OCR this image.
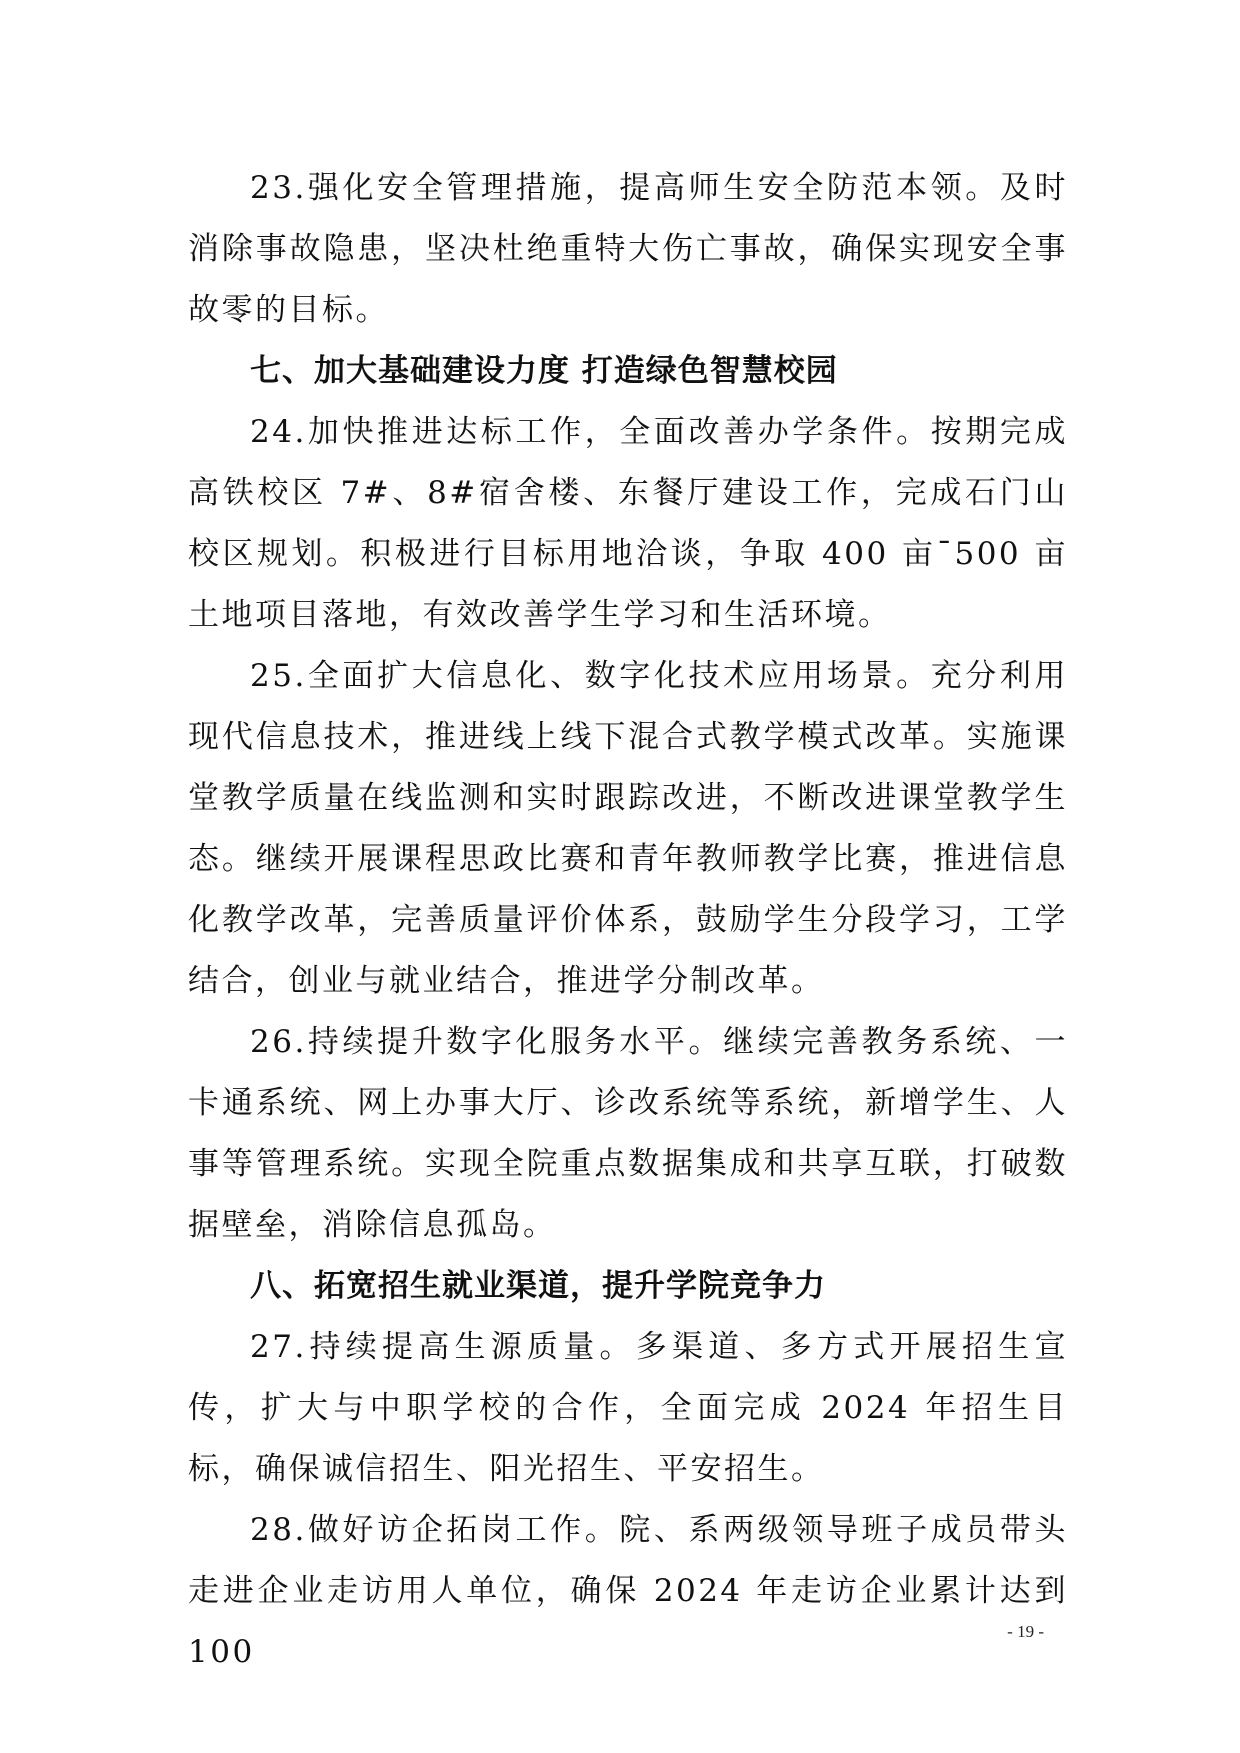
23.强化安全管理措施，提高师生安全防范本领。及时消除事故隐患，坚决杜绝重特大伤亡事故，确保实现安全事故零的目标。

七、加大基础建设力度 打造绿色智慧校园

24.加快推进达标工作，全面改善办学条件。按期完成高铁校区 7#、8#宿舍楼、东餐厅建设工作，完成石门山校区规划。积极进行目标用地洽谈，争取 400 亩¯500 亩土地项目落地，有效改善学生学习和生活环境。

25.全面扩大信息化、数字化技术应用场景。充分利用现代信息技术，推进线上线下混合式教学模式改革。实施课堂教学质量在线监测和实时跟踪改进，不断改进课堂教学生态。继续开展课程思政比赛和青年教师教学比赛，推进信息化教学改革，完善质量评价体系，鼓励学生分段学习，工学结合，创业与就业结合，推进学分制改革。

26.持续提升数字化服务水平。继续完善教务系统、一卡通系统、网上办事大厅、诊改系统等系统，新增学生、人事等管理系统。实现全院重点数据集成和共享互联，打破数据壁垒，消除信息孤岛。

八、拓宽招生就业渠道，提升学院竞争力

27.持续提高生源质量。多渠道、多方式开展招生宣传，扩大与中职学校的合作，全面完成 2024 年招生目标，确保诚信招生、阳光招生、平安招生。

28.做好访企拓岗工作。院、系两级领导班子成员带头走进企业走访用人单位，确保 2024 年走访企业累计达到 100

- 19 -
